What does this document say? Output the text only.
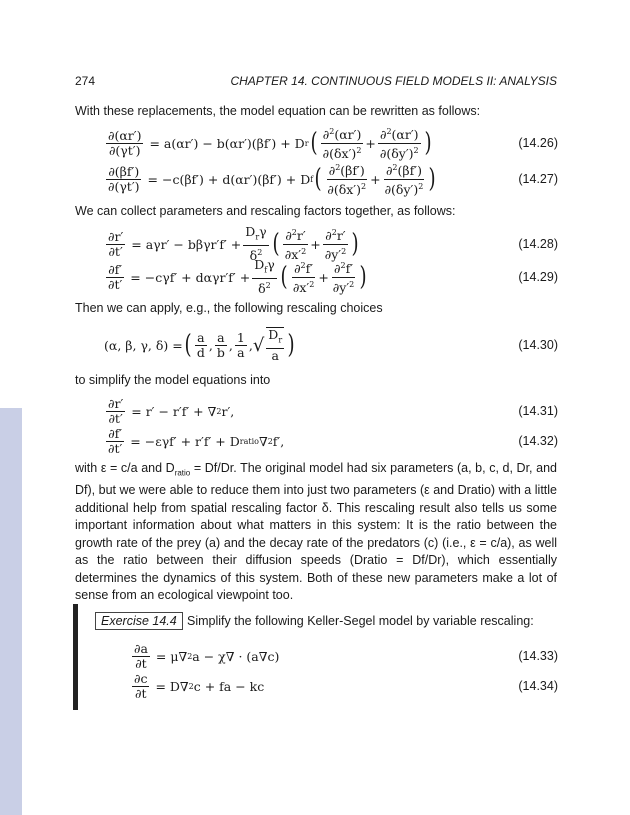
274	CHAPTER 14. CONTINUOUS FIELD MODELS II: ANALYSIS
With these replacements, the model equation can be rewritten as follows:
$\frac{\partial(\alpha r')}{\partial(\gamma t')} = a(\alpha r') - b(\alpha r')(\beta f') + D$ r ( $\frac{\partial^2(\alpha r')}{\partial(\delta x')^2} + \frac{\partial^2(\alpha r')}{\partial(\delta y')^2}$ )	(14.26)
$\frac{\partial(\beta f')}{\partial(\gamma t')} = -c(\beta f') + d(\alpha r')(\beta f') + D$ f ( $\frac{\partial^2(\beta f')}{\partial(\delta x')^2} + \frac{\partial^2(\beta f')}{\partial(\delta y')^2}$ )	(14.27)
We can collect parameters and rescaling factors together, as follows:
$\frac{\partial r'}{\partial t'} = a\gamma r' - b\beta\gamma r'f' + \frac{D_r\gamma}{\delta^2}$ ( $\frac{\partial^2r'}{\partial x'^2} + \frac{\partial^2r'}{\partial y'^2}$ )	(14.28)
$\frac{\partial f'}{\partial t'} = -c\gamma f' + d\alpha\gamma r'f' + \frac{D_f\gamma}{\delta^2}$ ( $\frac{\partial^2f'}{\partial x'^2} + \frac{\partial^2f'}{\partial y'^2}$ )	(14.29)
Then we can apply, e.g., the following rescaling choices
(α, β, γ, δ) = ( $\frac{a}{d}$ , $\frac{a}{b}$ , $\frac{1}{a}$ , √ $\frac{D_r}{a}$ )	(14.30)
to simplify the model equations into
$\frac{\partial r'}{\partial t'} = r' - r'f'$ + ∇ 2 r′,	(14.31)
$\frac{\partial f'}{\partial t'} = -\varepsilon\gamma f' + r'f' + D$ ratio ∇ 2 f′,	(14.32)
with ε = c/a and $D_{ratio} = Df/Dr$. The original model had six parameters (a, b, c, d, Dr, and Df), but we were able to reduce them into just two parameters (ε and Dratio) with a little additional help from spatial rescaling factor δ. This rescaling result also tells us some important information about what matters in this system: It is the ratio between the growth rate of the prey (a) and the decay rate of the predators (c) (i.e., ε = c/a), as well as the ratio between their diffusion speeds (Dratio = Df/Dr), which essentially determines the dynamics of this system. Both of these new parameters make a lot of sense from an ecological viewpoint too.
Exercise 14.4 Simplify the following Keller-Segel model by variable rescaling:
$\frac{\partial a}{\partial t} = \mu\nabla$ 2 a − χ∇ · (a∇c)	(14.33)
$\frac{\partial c}{\partial t} = D\nabla$ 2 c + fa − kc	(14.34)
